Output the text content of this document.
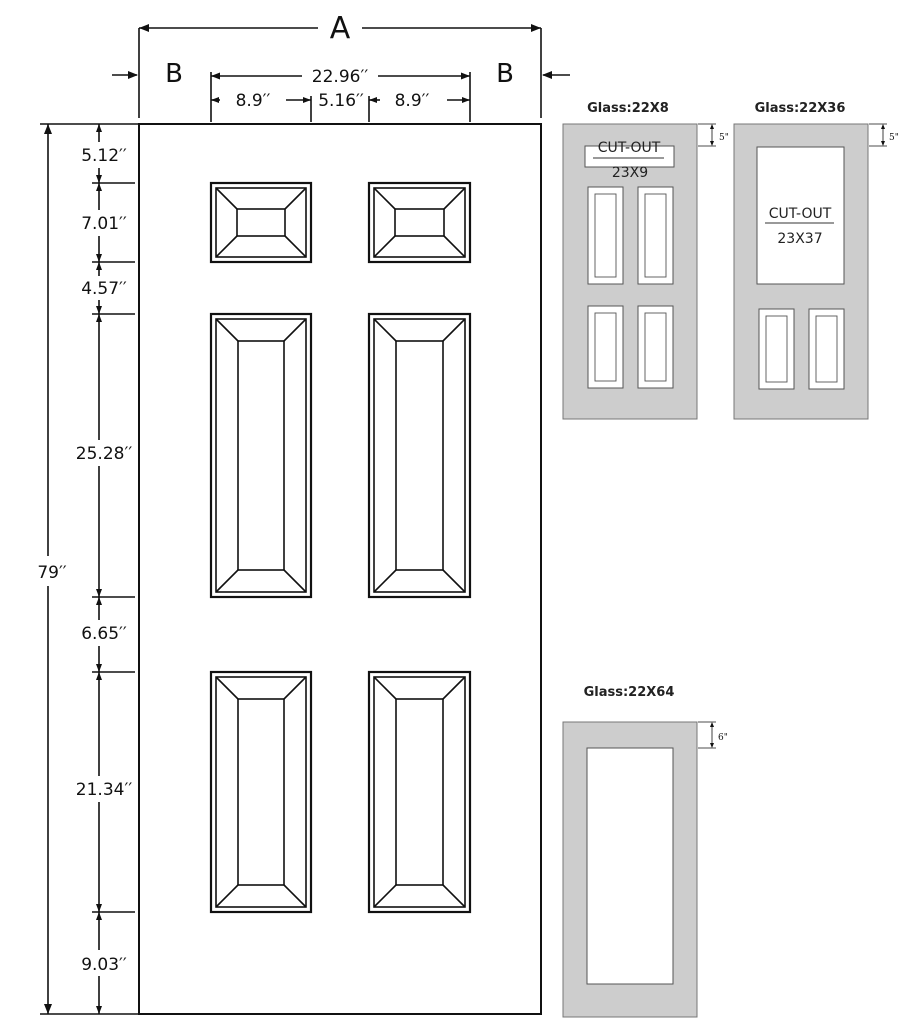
A
B	B
22.96′′
8.9′′	5.16′′ 8.9′′
79′′
5.12′′
7.01′′
4.57′′
25.28′′
6.65′′
21.34′′
9.03′′
Glass:22X8
CUT-OUT
23X9
5"
Glass:22X36
CUT-OUT
23X37
5"
Glass:22X64
6"
